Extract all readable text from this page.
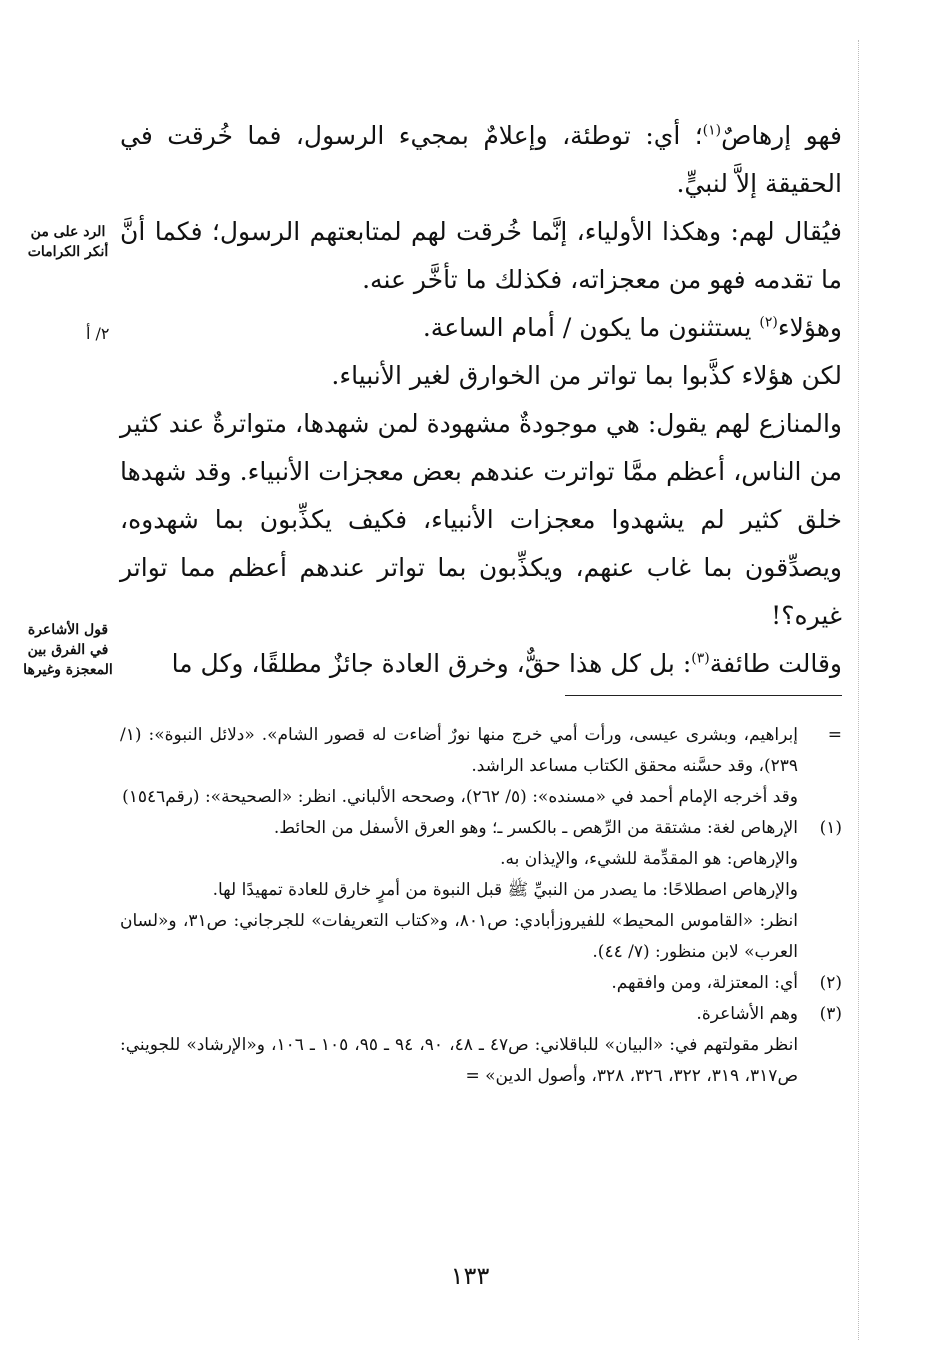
فهو إرهاصٌ$^{(١)}$؛ أي: توطئة، وإعلامٌ بمجيء الرسول، فما خُرقت في الحقيقة إلاَّ لنبيٍّ.

فيُقال لهم: وهكذا الأولياء، إنَّما خُرقت لهم لمتابعتهم الرسول؛ فكما أنَّ ما تقدمه فهو من معجزاته، فكذلك ما تأخَّر عنه.

وهؤلاء$^{(٢)}$ يستثنون ما يكون / أمام الساعة.

لكن هؤلاء كذَّبوا بما تواتر من الخوارق لغير الأنبياء.

والمنازع لهم يقول: هي موجودةٌ مشهودة لمن شهدها، متواترةٌ عند كثير من الناس، أعظم ممَّا تواترت عندهم بعض معجزات الأنبياء. وقد شهدها خلق كثير لم يشهدوا معجزات الأنبياء، فكيف يكذِّبون بما شهدوه، ويصدِّقون بما غاب عنهم، ويكذِّبون بما تواتر عندهم أعظم مما تواتر غيره؟!

وقالت طائفة$^{(٣)}$: بل كل هذا حقٌّ، وخرق العادة جائزٌ مطلقًا، وكل ما

الرد على من أنكر الكرامات
٢/ أ
قول الأشاعرة في الفرق بين المعجزة وغيرها
=
إبراهيم، وبشرى عيسى، ورأت أمي خرج منها نورٌ أضاءت له قصور الشام». «دلائل النبوة»: (١/ ٢٣٩)، وقد حسَّنه محقق الكتاب مساعد الراشد.
وقد أخرجه الإمام أحمد في «مسنده»: (٥/ ٢٦٢)، وصححه الألباني. انظر: «الصحيحة»: (رقم١٥٤٦)
(١)
الإرهاص لغة: مشتقة من الرِّهص ـ بالكسر ـ؛ وهو العرق الأسفل من الحائط.
والإرهاص: هو المقدِّمة للشيء، والإيذان به.
والإرهاص اصطلاحًا: ما يصدر من النبيِّ ﷺ قبل النبوة من أمرٍ خارق للعادة تمهيدًا لها.
انظر: «القاموس المحيط» للفيروزأبادي: ص٨٠١، و«كتاب التعريفات» للجرجاني: ص٣١، و«لسان العرب» لابن منظور: (٧/ ٤٤).
(٢)
أي: المعتزلة، ومن وافقهم.
(٣)
وهم الأشاعرة.
انظر مقولتهم في: «البيان» للباقلاني: ص٤٧ ـ ٤٨، ٩٠، ٩٤ ـ ٩٥، ١٠٥ ـ ١٠٦، و«الإرشاد» للجويني: ص٣١٧، ٣١٩، ٣٢٢، ٣٢٦، ٣٢٨، وأصول الدين» =
١٣٣
